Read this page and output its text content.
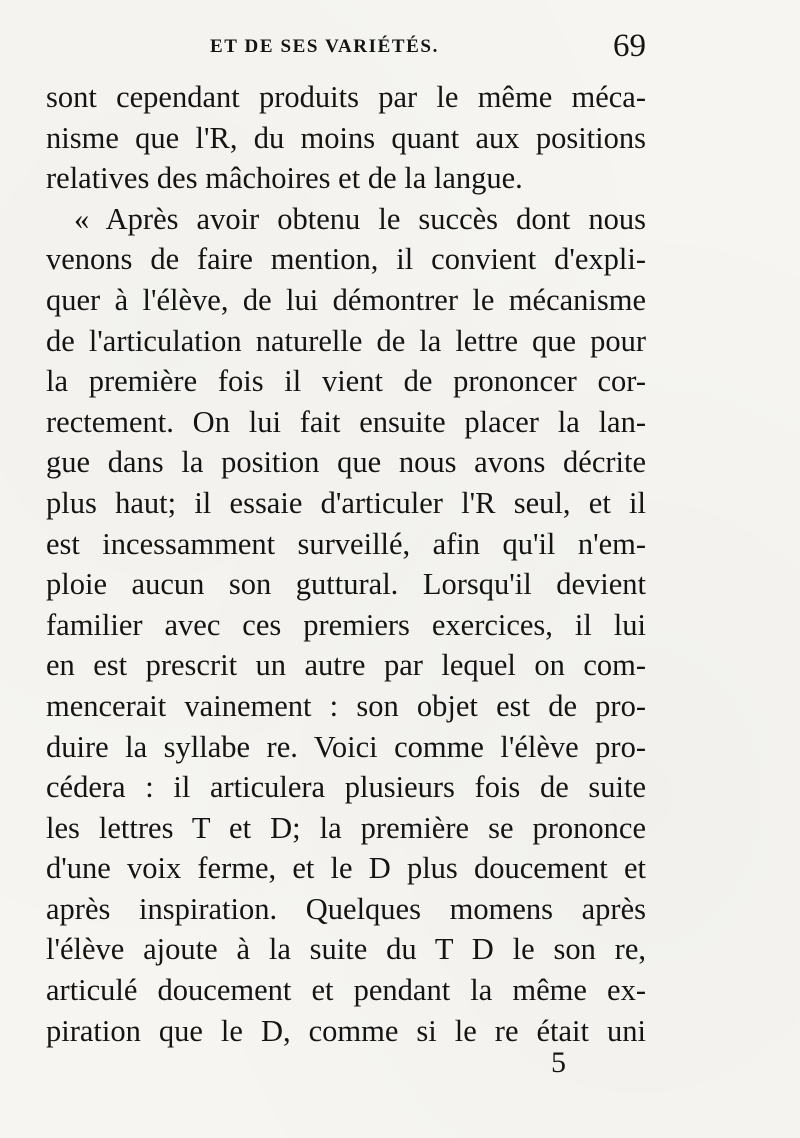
ET DE SES VARIÉTÉS.	69
sont cependant produits par le même méca-
nisme que l'R, du moins quant aux positions
relatives des mâchoires et de la langue.
« Après avoir obtenu le succès dont nous
venons de faire mention, il convient d'expli-
quer à l'élève, de lui démontrer le mécanisme
de l'articulation naturelle de la lettre que pour
la première fois il vient de prononcer cor-
rectement. On lui fait ensuite placer la lan-
gue dans la position que nous avons décrite
plus haut; il essaie d'articuler l'R seul, et il
est incessamment surveillé, afin qu'il n'em-
ploie aucun son guttural. Lorsqu'il devient
familier avec ces premiers exercices, il lui
en est prescrit un autre par lequel on com-
mencerait vainement : son objet est de pro-
duire la syllabe re. Voici comme l'élève pro-
cédera : il articulera plusieurs fois de suite
les lettres T et D; la première se prononce
d'une voix ferme, et le D plus doucement et
après inspiration. Quelques momens après
l'élève ajoute à la suite du T D le son re,
articulé doucement et pendant la même ex-
piration que le D, comme si le re était uni
5
